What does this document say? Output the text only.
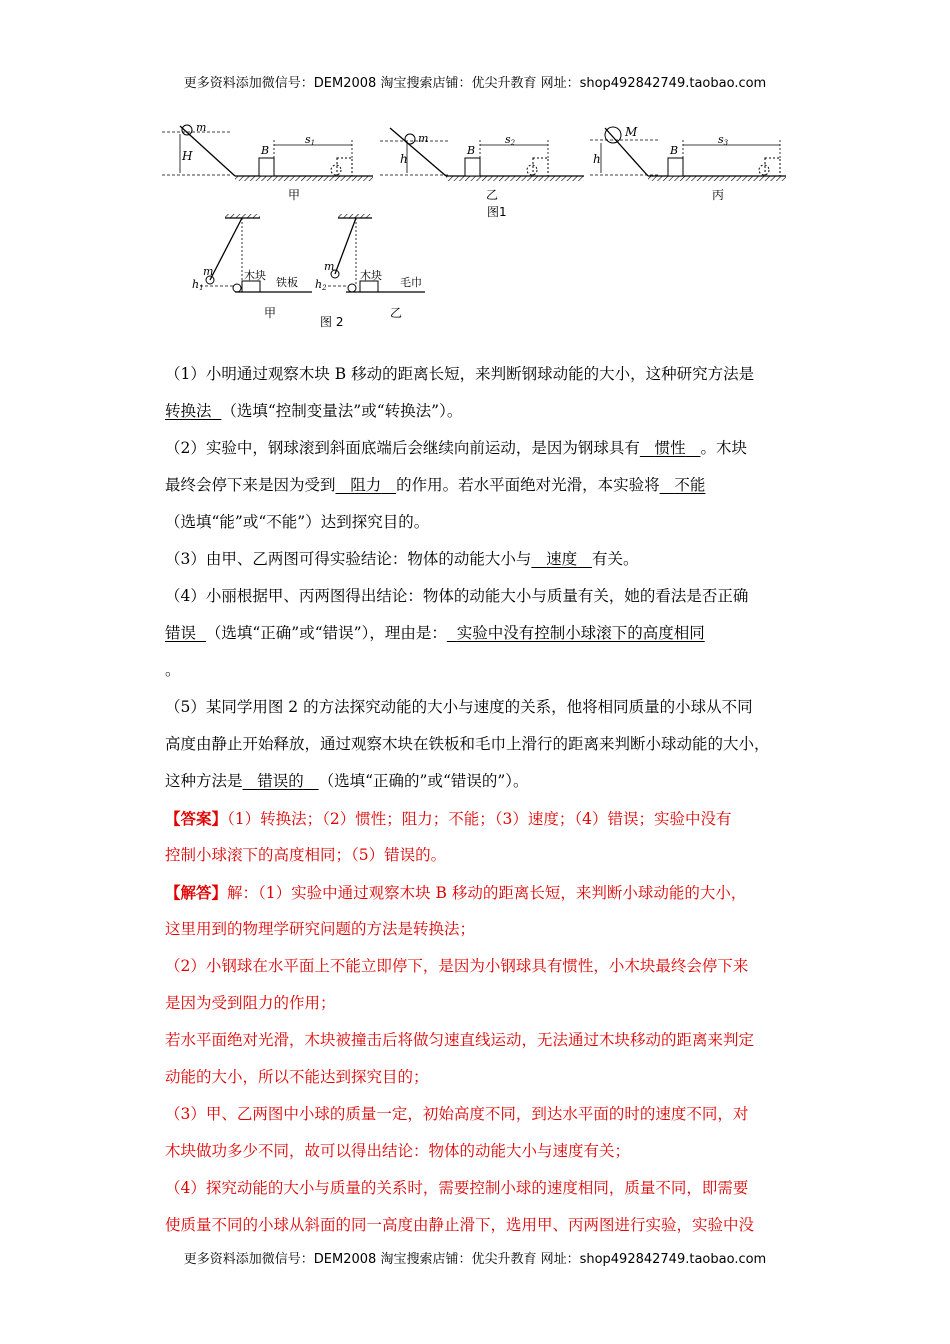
更多资料添加微信号：DEM2008 淘宝搜索店铺：优尖升教育 网址：shop492842749.taobao.com
m
H	B
s1
甲
m
h
B
s2
乙
图1
M
h
B
s3
丙
m
h1
木块
铁板
甲
m
h2
木块
毛巾
乙
图 2
（1）小明通过观察木块 B 移动的距离长短，来判断钢球动能的大小，这种研究方法是
转换法 （选填“控制变量法”或“转换法”）。
（2）实验中，钢球滚到斜面底端后会继续向前运动，是因为钢球具有 惯性 。木块
最终会停下来是因为受到 阻力 的作用。若水平面绝对光滑，本实验将 不能
（选填“能”或“不能”）达到探究目的。
（3）由甲、乙两图可得实验结论：物体的动能大小与 速度 有关。
（4）小丽根据甲、丙两图得出结论：物体的动能大小与质量有关，她的看法是否正确
错误 （选填“正确”或“错误”），理由是： 实验中没有控制小球滚下的高度相同
。
（5）某同学用图 2 的方法探究动能的大小与速度的关系，他将相同质量的小球从不同
高度由静止开始释放，通过观察木块在铁板和毛巾上滑行的距离来判断小球动能的大小，
这种方法是 错误的 （选填“正确的”或“错误的”）。
【答案】（1）转换法；（2）惯性；阻力；不能；（3）速度；（4）错误；实验中没有
控制小球滚下的高度相同；（5）错误的。
【解答】解：（1）实验中通过观察木块 B 移动的距离长短，来判断小球动能的大小，
这里用到的物理学研究问题的方法是转换法；
（2）小钢球在水平面上不能立即停下，是因为小钢球具有惯性，小木块最终会停下来
是因为受到阻力的作用；
若水平面绝对光滑，木块被撞击后将做匀速直线运动，无法通过木块移动的距离来判定
动能的大小，所以不能达到探究目的；
（3）甲、乙两图中小球的质量一定，初始高度不同，到达水平面的时的速度不同，对
木块做功多少不同，故可以得出结论：物体的动能大小与速度有关；
（4）探究动能的大小与质量的关系时，需要控制小球的速度相同，质量不同，即需要
使质量不同的小球从斜面的同一高度由静止滑下，选用甲、丙两图进行实验，实验中没
更多资料添加微信号：DEM2008 淘宝搜索店铺：优尖升教育 网址：shop492842749.taobao.com
